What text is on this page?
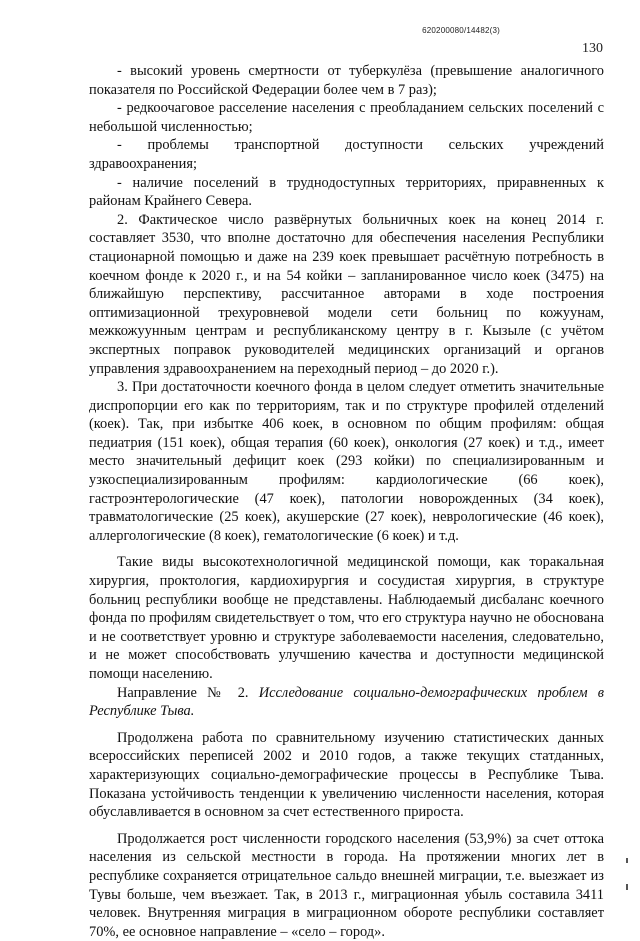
620200080/14482(3)
130

- высокий уровень смертности от туберкулёза (превышение аналогичного показателя по Российской Федерации более чем в 7 раз);

- редкоочаговое расселение населения с преобладанием сельских поселений с небольшой численностью;

- проблемы транспортной доступности сельских учреждений здравоохранения;

- наличие поселений в труднодоступных территориях, приравненных к районам Крайнего Севера.

2. Фактическое число развёрнутых больничных коек на конец 2014 г. составляет 3530, что вполне достаточно для обеспечения населения Республики стационарной помощью и даже на 239 коек превышает расчётную потребность в коечном фонде к 2020 г., и на 54 койки – запланированное число коек (3475) на ближайшую перспективу, рассчитанное авторами в ходе построения оптимизационной трехуровневой модели сети больниц по кожуунам, межкожуунным центрам и республиканскому центру в г. Кызыле (с учётом экспертных поправок руководителей медицинских организаций и органов управления здравоохранением на переходный период – до 2020 г.).

3. При достаточности коечного фонда в целом следует отметить значительные диспропорции его как по территориям, так и по структуре профилей отделений (коек). Так, при избытке 406 коек, в основном по общим профилям: общая педиатрия (151 коек), общая терапия (60 коек), онкология (27 коек) и т.д., имеет место значительный дефицит коек (293 койки) по специализированным и узкоспециализированным профилям: кардиологические (66 коек), гастроэнтерологические (47 коек), патологии новорожденных (34 коек), травматологические (25 коек), акушерские (27 коек), неврологические (46 коек), аллергологические (8 коек), гематологические (6 коек) и т.д.

Такие виды высокотехнологичной медицинской помощи, как торакальная хирургия, проктология, кардиохирургия и сосудистая хирургия, в структуре больниц республики вообще не представлены. Наблюдаемый дисбаланс коечного фонда по профилям свидетельствует о том, что его структура научно не обоснована и не соответствует уровню и структуре заболеваемости населения, следовательно, и не может способствовать улучшению качества и доступности медицинской помощи населению.

Направление № 2. Исследование социально-демографических проблем в Республике Тыва.

Продолжена работа по сравнительному изучению статистических данных всероссийских переписей 2002 и 2010 годов, а также текущих статданных, характеризующих социально-демографические процессы в Республике Тыва. Показана устойчивость тенденции к увеличению численности населения, которая обуславливается в основном за счет естественного прироста.

Продолжается рост численности городского населения (53,9%) за счет оттока населения из сельской местности в города. На протяжении многих лет в республике сохраняется отрицательное сальдо внешней миграции, т.е. выезжает из Тувы больше, чем въезжает. Так, в 2013 г., миграционная убыль составила 3411 человек. Внутренняя миграция в миграционном обороте республики составляет 70%, ее основное направление – «село – город».
